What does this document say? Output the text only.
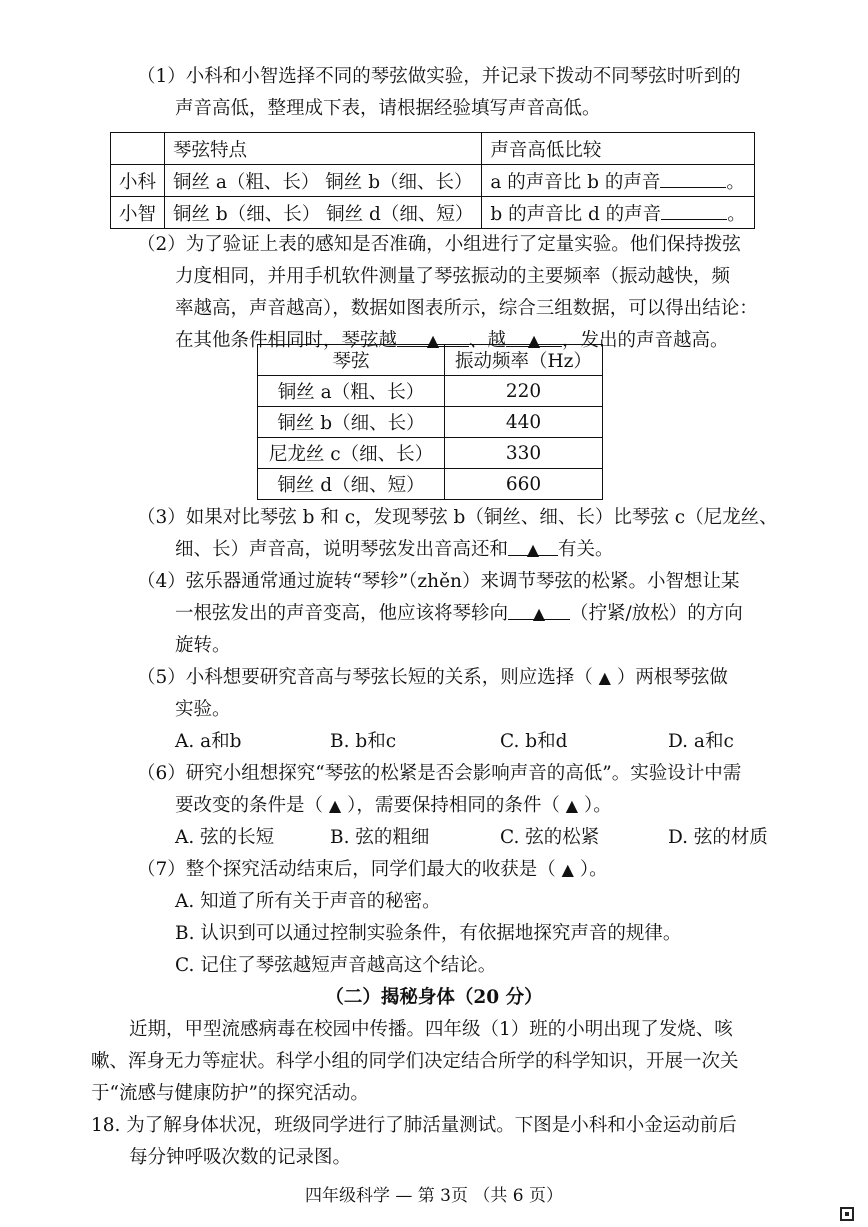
（1）小科和小智选择不同的琴弦做实验，并记录下拨动不同琴弦时听到的
声音高低，整理成下表，请根据经验填写声音高低。
	琴弦特点	声音高低比较
小科	铜丝 a（粗、长） 铜丝 b（细、长）	a 的声音比 b 的声音 。
小智	铜丝 b（细、长） 铜丝 d（细、短）	b 的声音比 d 的声音 。
（2）为了验证上表的感知是否准确，小组进行了定量实验。他们保持拨弦
力度相同，并用手机软件测量了琴弦振动的主要频率（振动越快，频
率越高，声音越高），数据如图表所示，综合三组数据，可以得出结论：
在其他条件相同时，琴弦越 ▲ 、越 ▲ ，发出的声音越高。
琴弦	振动频率（Hz）
铜丝 a（粗、长）	220
铜丝 b（细、长）	440
尼龙丝 c（细、长）	330
铜丝 d（细、短）	660
（3）如果对比琴弦 b 和 c，发现琴弦 b（铜丝、细、长）比琴弦 c（尼龙丝、
细、长）声音高，说明琴弦发出音高还和 ▲ 有关。
（4）弦乐器通常通过旋转“琴轸”（zhěn）来调节琴弦的松紧。小智想让某
一根弦发出的声音变高，他应该将琴轸向 ▲ （拧紧/放松）的方向
旋转。
（5）小科想要研究音高与琴弦长短的关系，则应选择（ ▲ ）两根琴弦做
实验。
A. a和b	B. b和c	C. b和d	D. a和c
（6）研究小组想探究“琴弦的松紧是否会影响声音的高低”。实验设计中需
要改变的条件是（ ▲ ），需要保持相同的条件（ ▲ ）。
A. 弦的长短	B. 弦的粗细	C. 弦的松紧	D. 弦的材质
（7）整个探究活动结束后，同学们最大的收获是（ ▲ ）。
A. 知道了所有关于声音的秘密。
B. 认识到可以通过控制实验条件，有依据地探究声音的规律。
C. 记住了琴弦越短声音越高这个结论。
（二）揭秘身体（20 分）
近期，甲型流感病毒在校园中传播。四年级（1）班的小明出现了发烧、咳
嗽、浑身无力等症状。科学小组的同学们决定结合所学的科学知识，开展一次关
于“流感与健康防护”的探究活动。
18. 为了解身体状况，班级同学进行了肺活量测试。下图是小科和小金运动前后
每分钟呼吸次数的记录图。
四年级科学 — 第 3页 （共 6 页）
